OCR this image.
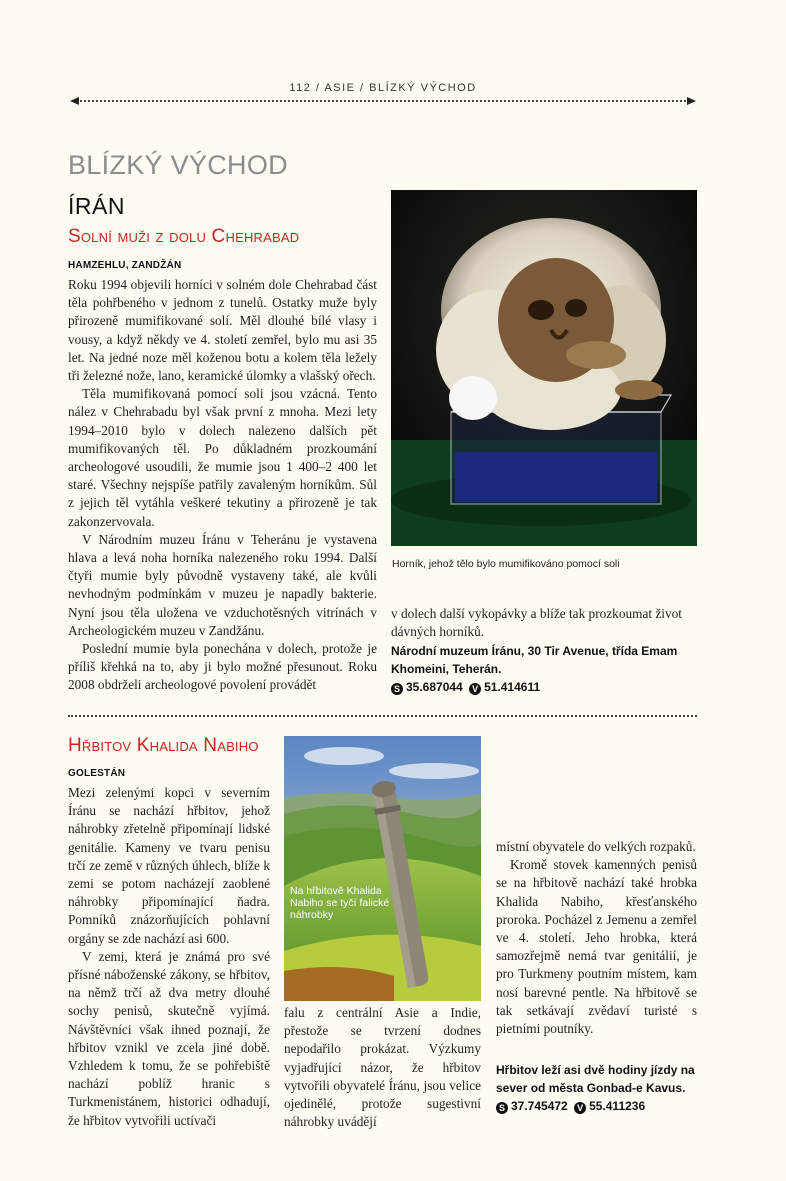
112 / ASIE / BLÍZKÝ VÝCHOD
BLÍZKÝ VÝCHOD
ÍRÁN
Solní muži z dolu Chehrabad
HAMZEHLU, ZANDŽÁN

Roku 1994 objevili horníci v solném dole Chehrabad část těla pohřbeného v jednom z tunelů. Ostatky muže byly přirozeně mumifikované solí. Měl dlouhé bílé vlasy i vousy, a když někdy ve 4. století zemřel, bylo mu asi 35 let. Na jedné noze měl koženou botu a kolem těla ležely tři železné nože, lano, keramické úlomky a vlašský ořech.

Těla mumifikovaná pomocí soli jsou vzácná. Tento nález v Chehrabadu byl však první z mnoha. Mezi lety 1994–2010 bylo v dolech nalezeno dalších pět mumifikovaných těl. Po důkladném prozkoumání archeologové usoudili, že mumie jsou 1 400–2 400 let staré. Všechny nejspíše patřily zavaleným horníkům. Sůl z jejich těl vytáhla veškeré tekutiny a přirozeně je tak zakonzervovala.

V Národním muzeu Íránu v Teheránu je vystavena hlava a levá noha horníka nalezeného roku 1994. Další čtyři mumie byly původně vystaveny také, ale kvůli nevhodným podmínkám v muzeu je napadly bakterie. Nyní jsou těla uložena ve vzduchotěsných vitrínách v Archeologickém muzeu v Zandžánu.

Poslední mumie byla ponechána v dolech, protože je příliš křehká na to, aby ji bylo možné přesunout. Roku 2008 obdrželi archeologové povolení provádět

Horník, jehož tělo bylo mumifikováno pomocí soli

v dolech další vykopávky a blíže tak prozkoumat život dávných horníků.

Národní muzeum Íránu, 30 Tir Avenue, třída Emam Khomeini, Teherán.
S 35.687044 V 51.414611
Hřbitov Khalida Nabiho
GOLESTÁN

Mezi zelenými kopci v severním Íránu se nachází hřbitov, jehož náhrobky zřetelně připomínají lidské genitálie. Kameny ve tvaru penisu trčí ze země v různých úhlech, blíže k zemi se potom nacházejí zaoblené náhrobky připomínající ňadra. Pomníků znázorňujících pohlavní orgány se zde nachází asi 600.

V zemi, která je známá pro své přísné náboženské zákony, se hřbitov, na němž trčí až dva metry dlouhé sochy penisů, skutečně vyjímá. Návštěvníci však ihned poznají, že hřbitov vznikl ve zcela jiné době. Vzhledem k tomu, že se pohřebiště nachází poblíž hranic s Turkmenistánem, historici odhadují, že hřbitov vytvořili uctívači

Na hřbitově Khalida Nabiho se tyčí falické náhrobky

falu z centrální Asie a Indie, přestože se tvrzení dodnes nepodařilo prokázat. Výzkumy vyjadřující názor, že hřbitov vytvořili obyvatelé Íránu, jsou velice ojedinělé, protože sugestivní náhrobky uvádějí

místní obyvatele do velkých rozpaků.

Kromě stovek kamenných penisů se na hřbitově nachází také hrobka Khalida Nabiho, křesťanského proroka. Pocházel z Jemenu a zemřel ve 4. století. Jeho hrobka, která samozřejmě nemá tvar genitálií, je pro Turkmeny poutním místem, kam nosí barevné pentle. Na hřbitově se tak setkávají zvědaví turisté s pietními poutníky.

Hřbitov leží asi dvě hodiny jízdy na sever od města Gonbad-e Kavus.
S 37.745472 V 55.411236
